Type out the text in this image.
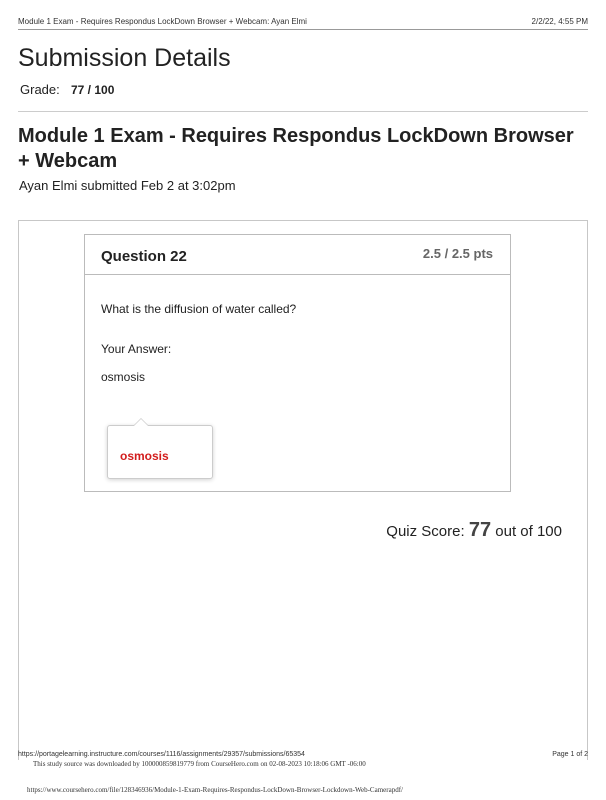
Module 1 Exam - Requires Respondus LockDown Browser + Webcam: Ayan Elmi	2/2/22, 4:55 PM
Submission Details
Grade: 77 / 100
Module 1 Exam - Requires Respondus LockDown Browser + Webcam
Ayan Elmi submitted Feb 2 at 3:02pm
Question 22	2.5 / 2.5 pts
What is the diffusion of water called?
Your Answer:
osmosis
osmosis
Quiz Score: 77 out of 100
https://portagelearning.instructure.com/courses/1116/assignments/29357/submissions/65354	Page 1 of 2
This study source was downloaded by 100000859819779 from CourseHero.com on 02-08-2023 10:18:06 GMT -06:00
https://www.coursehero.com/file/128346936/Module-1-Exam-Requires-Respondus-LockDown-Browser-Lockdown-Web-Camerapdf/
